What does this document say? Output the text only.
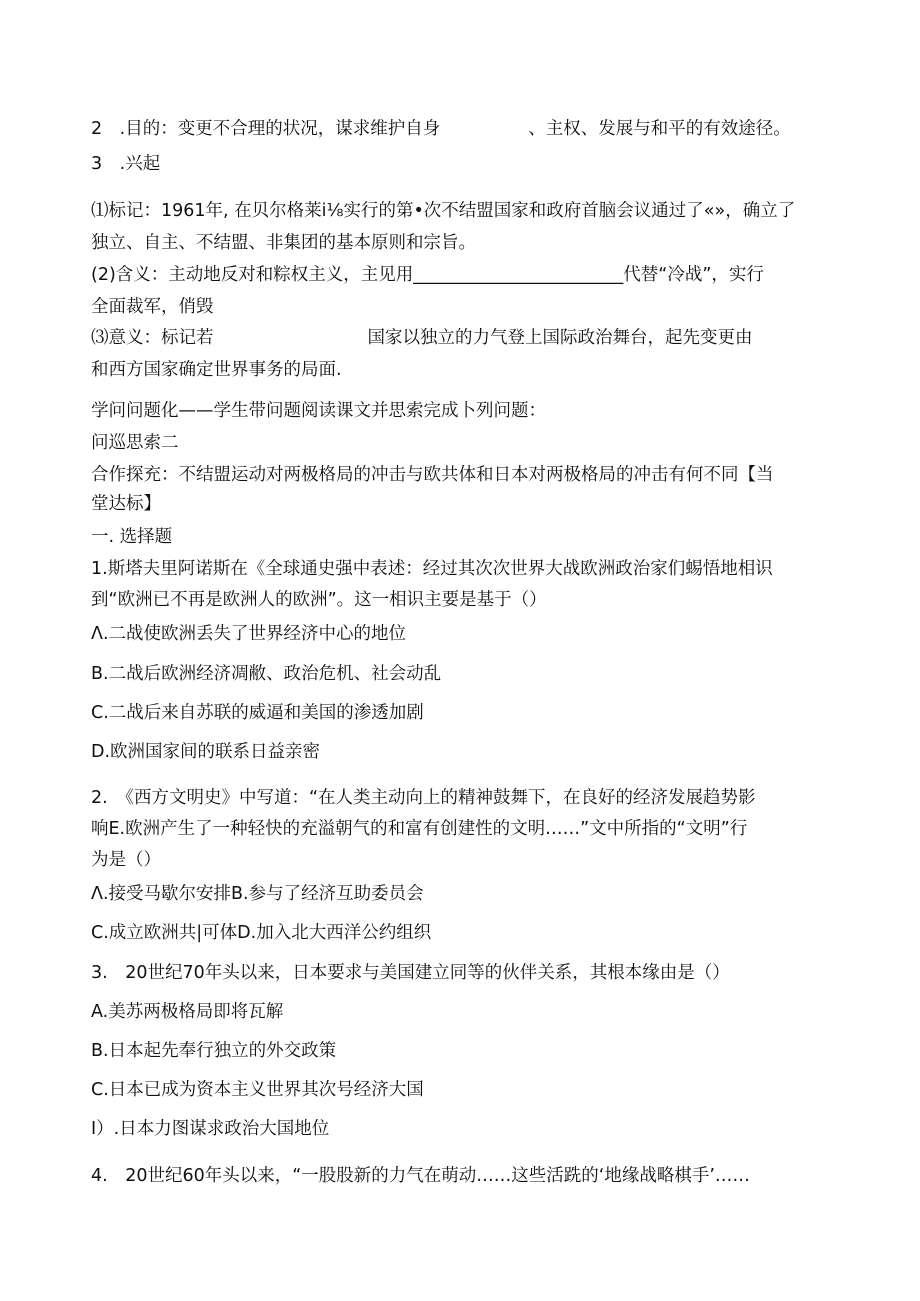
2　.目的：变更不合理的状况，谋求维护自身	、主权、发展与和平的有效途径。

3　.兴起

⑴标记：1961年, 在贝尔格莱i⅛实行的第•次不结盟国家和政府首脑会议通过了«»，确立了

独立、自主、不结盟、非集团的基本原则和宗旨。

(2)含义：主动地反对和粽权主义，主见用________________________代替“冷战”，实行

全面裁军，俏毁

⑶意义：标记若	国家以独立的力气登上国际政治舞台，起先变更由

和西方国家确定世界事务的局面.

学问问题化——学生带问题阅读课文并思索完成卜列问题：

问巡思索二

合作探充：不结盟运动对两极格局的冲击与欧共体和日本对两极格局的冲击有何不同【当

堂达标】

一. 选择题

1.斯塔夫里阿诺斯在《全球通史强中表述：经过其次次世界大战欧洲政治家们蜴悟地相识

到“欧洲已不再是欧洲人的欧洲”。这一相识主要是基于（）

Λ.二战使欧洲丢失了世界经济中心的地位

B.二战后欧洲经济凋敝、政治危机、社会动乱

C.二战后来自苏联的威逼和美国的渗透加剧

D.欧洲国家间的联系日益亲密

2.　《西方文明史》中写道：“在人类主动向上的精神鼓舞下，在良好的经济发展趋势影

响E.欧洲产生了一种轻快的充溢朝气的和富有创建性的文明……”文中所指的“文明”行

为是（）

Λ.接受马歇尔安排B.参与了经济互助委员会

C.成立欧洲共|可体D.加入北大西洋公约组织

3.　20世纪70年头以来，日本要求与美国建立同等的伙伴关系，其根本缘由是（）

A.美苏两极格局即将瓦解

B.日本起先奉行独立的外交政策

C.日本已成为资本主义世界其次号经济大国

I）.日本力图谋求政治大国地位

4.　20世纪60年头以来，“一股股新的力气在萌动……这些活跣的‘地缘战略棋手’……
